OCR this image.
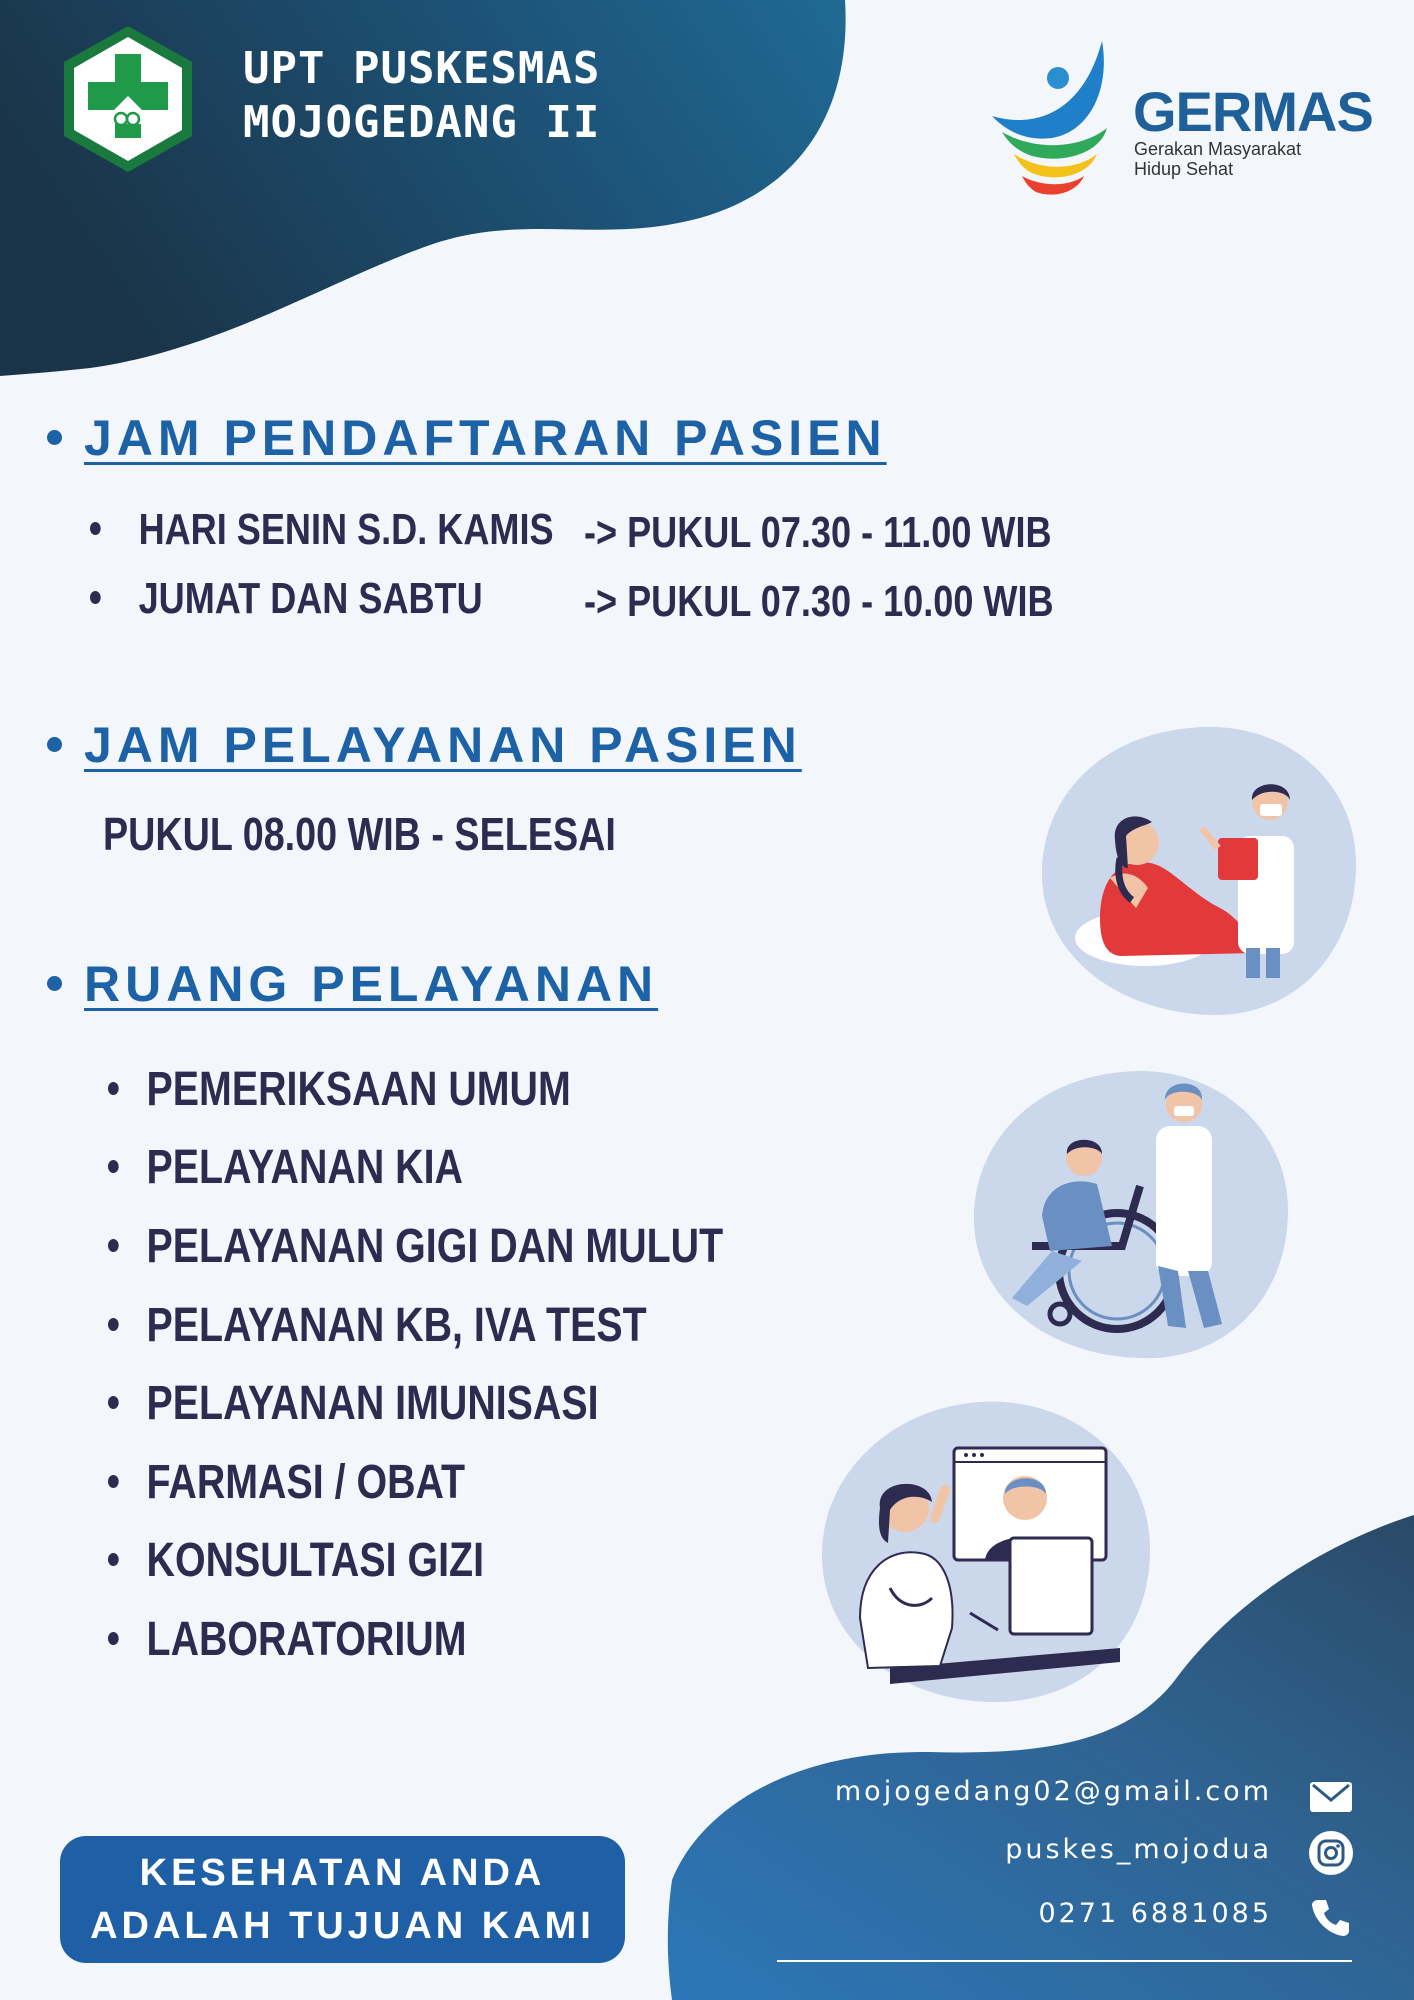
UPT PUSKESMAS
MOJOGEDANG II	GERMAS
Gerakan Masyarakat
Hidup Sehat
JAM PENDAFTARAN PASIEN
HARI SENIN S.D. KAMIS -> PUKUL 07.30 - 11.00 WIB
JUMAT DAN SABTU -> PUKUL 07.30 - 10.00 WIB
JAM PELAYANAN PASIEN
PUKUL 08.00 WIB - SELESAI
RUANG PELAYANAN
PEMERIKSAAN UMUM
PELAYANAN KIA
PELAYANAN GIGI DAN MULUT
PELAYANAN KB, IVA TEST
PELAYANAN IMUNISASI
FARMASI / OBAT
KONSULTASI GIZI
LABORATORIUM
KESEHATAN ANDA
ADALAH TUJUAN KAMI
mojogedang02@gmail.com
puskes_mojodua
0271 6881085
